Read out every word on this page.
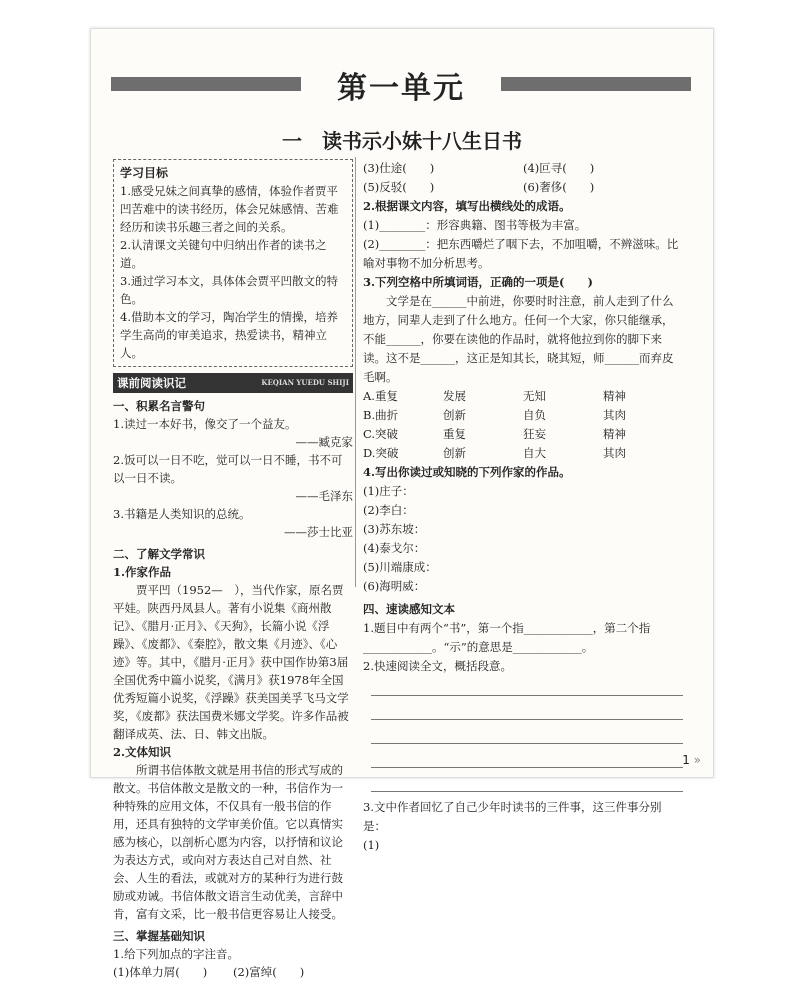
第一单元
一　读书示小妹十八生日书
学习目标
1.感受兄妹之间真挚的感情，体验作者贾平凹苦难中的读书经历，体会兄妹感情、苦难经历和读书乐趣三者之间的关系。
2.认清课文关键句中归纳出作者的读书之道。
3.通过学习本文，具体体会贾平凹散文的特色。
4.借助本文的学习，陶冶学生的情操，培养学生高尚的审美追求，热爱读书，精神立人。
课前阅读识记	KEQIAN YUEDU SHIJI
一、积累名言警句
1.读过一本好书，像交了一个益友。
——臧克家
2.饭可以一日不吃，觉可以一日不睡，书不可以一日不读。
——毛泽东
3.书籍是人类知识的总统。
——莎士比亚
二、了解文学常识
1.作家作品
贾平凹（1952—　），当代作家，原名贾平娃。陕西丹凤县人。著有小说集《商州散记》、《腊月·正月》、《天狗》，长篇小说《浮躁》、《废都》、《秦腔》，散文集《月迹》、《心迹》等。其中，《腊月·正月》获中国作协第3届全国优秀中篇小说奖，《满月》获1978年全国优秀短篇小说奖，《浮躁》获美国美孚飞马文学奖，《废都》获法国费米娜文学奖。许多作品被翻译成英、法、日、韩文出版。
2.文体知识
所谓书信体散文就是用书信的形式写成的散文。书信体散文是散文的一种，书信作为一种特殊的应用文体，不仅具有一般书信的作用，还具有独特的文学审美价值。它以真情实感为核心，以剖析心愿为内容，以抒情和议论为表达方式，或向对方表达自己对自然、社会、人生的看法，或就对方的某种行为进行鼓励或劝诫。书信体散文语言生动优美，言辞中肯，富有文采，比一般书信更容易让人接受。
三、掌握基础知识
1.给下列加点的字注音。
(1)体单力屑(　　)	(2)富绰(　　)
(3)仕途(　　)	(4)叵寻(　　)
(5)反驳(　　)	(6)奢侈(　　)
2.根据课文内容，填写出横线处的成语。
(1)________：形容典籍、图书等极为丰富。
(2)________：把东西嚼烂了咽下去，不加咀嚼，不辨滋味。比喻对事物不加分析思考。
3.下列空格中所填词语，正确的一项是(　　)
文学是在______中前进，你要时时注意，前人走到了什么地方，同辈人走到了什么地方。任何一个大家，你只能继承，不能______，你要在读他的作品时，就将他拉到你的脚下来读。这不是______，这正是知其长，晓其短，师______而弃皮毛啊。
A.重复	发展	无知	精神
B.曲折	创新	自负	其肉
C.突破	重复	狂妄	精神
D.突破	创新	自大	其肉
4.写出你读过或知晓的下列作家的作品。
(1)庄子：
(2)李白：
(3)苏东坡：
(4)泰戈尔：
(5)川端康成：
(6)海明威：
四、速读感知文本
1.题目中有两个“书”，第一个指____________，第二个指____________。“示”的意思是____________。
2.快速阅读全文，概括段意。
3.文中作者回忆了自己少年时读书的三件事，这三件事分别是：
(1)
1 »
